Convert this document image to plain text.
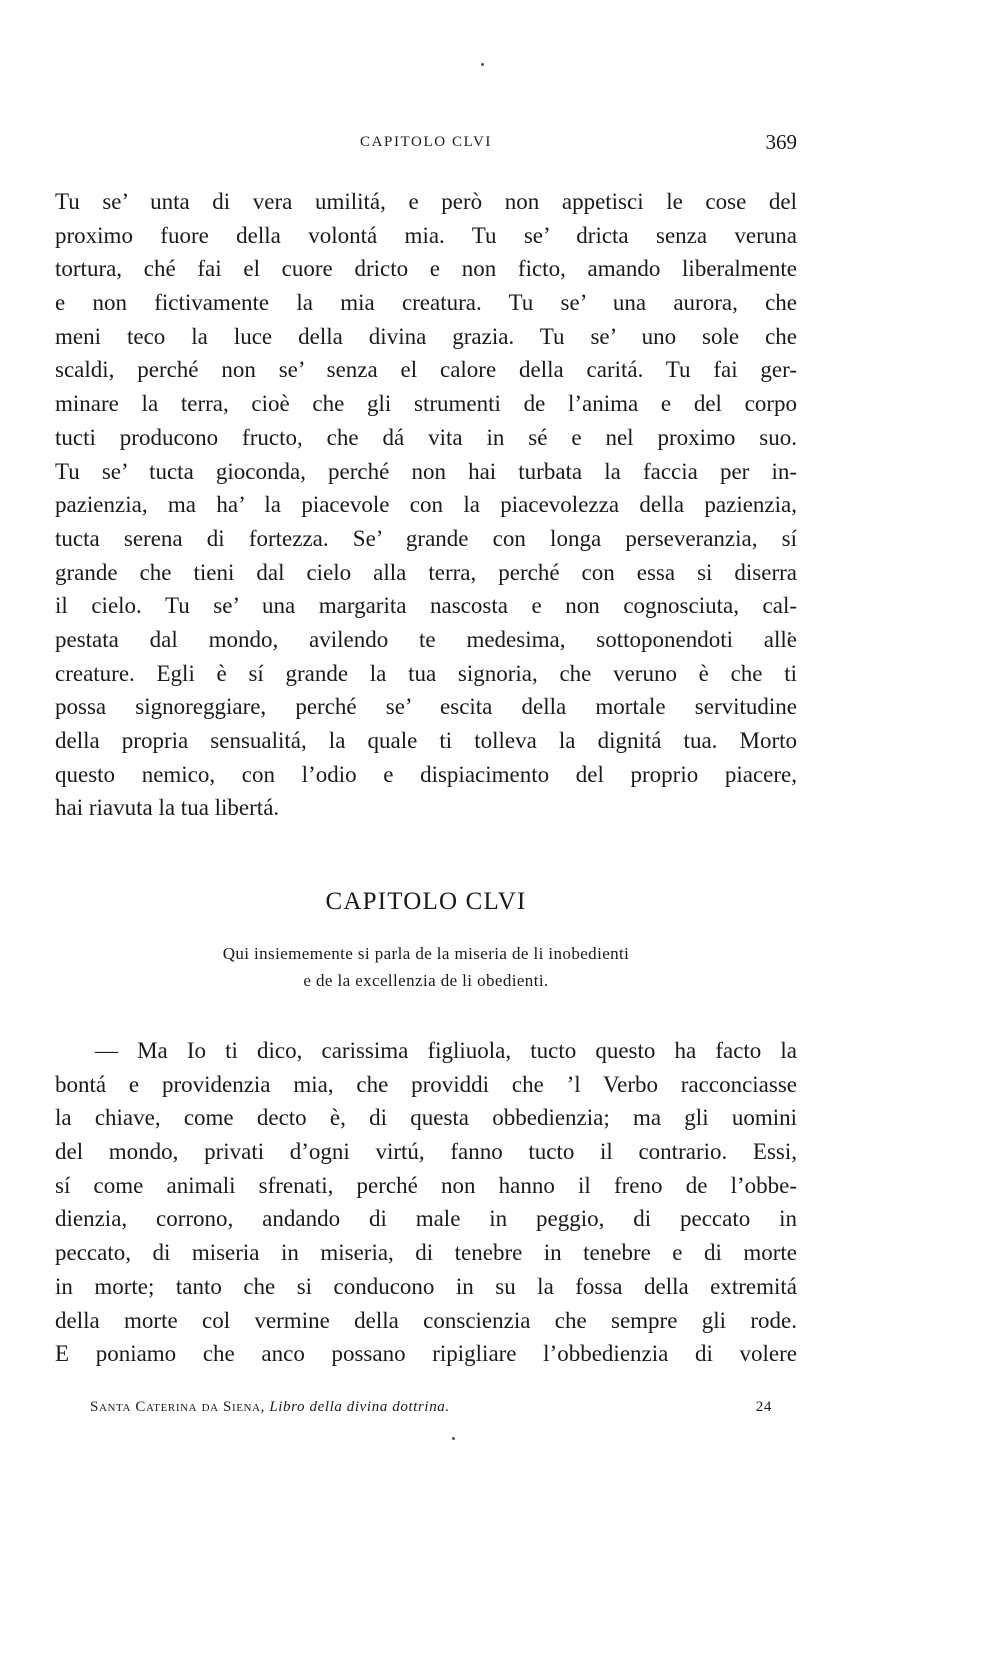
CAPITOLO CLVI	369
Tu se’ unta di vera umilitá, e però non appetisci le cose del
proximo fuore della volontá mia. Tu se’ dricta senza veruna
tortura, ché fai el cuore dricto e non ficto, amando liberalmente
e non fictivamente la mia creatura. Tu se’ una aurora, che
meni teco la luce della divina grazia. Tu se’ uno sole che
scaldi, perché non se’ senza el calore della caritá. Tu fai ger-
minare la terra, cioè che gli strumenti de l’anima e del corpo
tucti producono fructo, che dá vita in sé e nel proximo suo.
Tu se’ tucta gioconda, perché non hai turbata la faccia per in-
pazienzia, ma ha’ la piacevole con la piacevolezza della pazienzia,
tucta serena di fortezza. Se’ grande con longa perseveranzia, sí
grande che tieni dal cielo alla terra, perché con essa si diserra
il cielo. Tu se’ una margarita nascosta e non cognosciuta, cal-
pestata dal mondo, avilendo te medesima, sottoponendoti alle
creature. Egli è sí grande la tua signoria, che veruno è che ti
possa signoreggiare, perché se’ escita della mortale servitudine
della propria sensualitá, la quale ti tolleva la dignitá tua. Morto
questo nemico, con l’odio e dispiacimento del proprio piacere,
hai riavuta la tua libertá.
CAPITOLO CLVI
Qui insiememente si parla de la miseria de li inobedienti
e de la excellenzia de li obedienti.
— Ma Io ti dico, carissima figliuola, tucto questo ha facto la
bontá e providenzia mia, che providdi che ’l Verbo racconciasse
la chiave, come decto è, di questa obbedienzia; ma gli uomini
del mondo, privati d’ogni virtú, fanno tucto il contrario. Essi,
sí come animali sfrenati, perché non hanno il freno de l’obbe-
dienzia, corrono, andando di male in peggio, di peccato in
peccato, di miseria in miseria, di tenebre in tenebre e di morte
in morte; tanto che si conducono in su la fossa della extremitá
della morte col vermine della conscienzia che sempre gli rode.
E poniamo che anco possano ripigliare l’obbedienzia di volere
Santa Caterina da Siena, Libro della divina dottrina.	24
